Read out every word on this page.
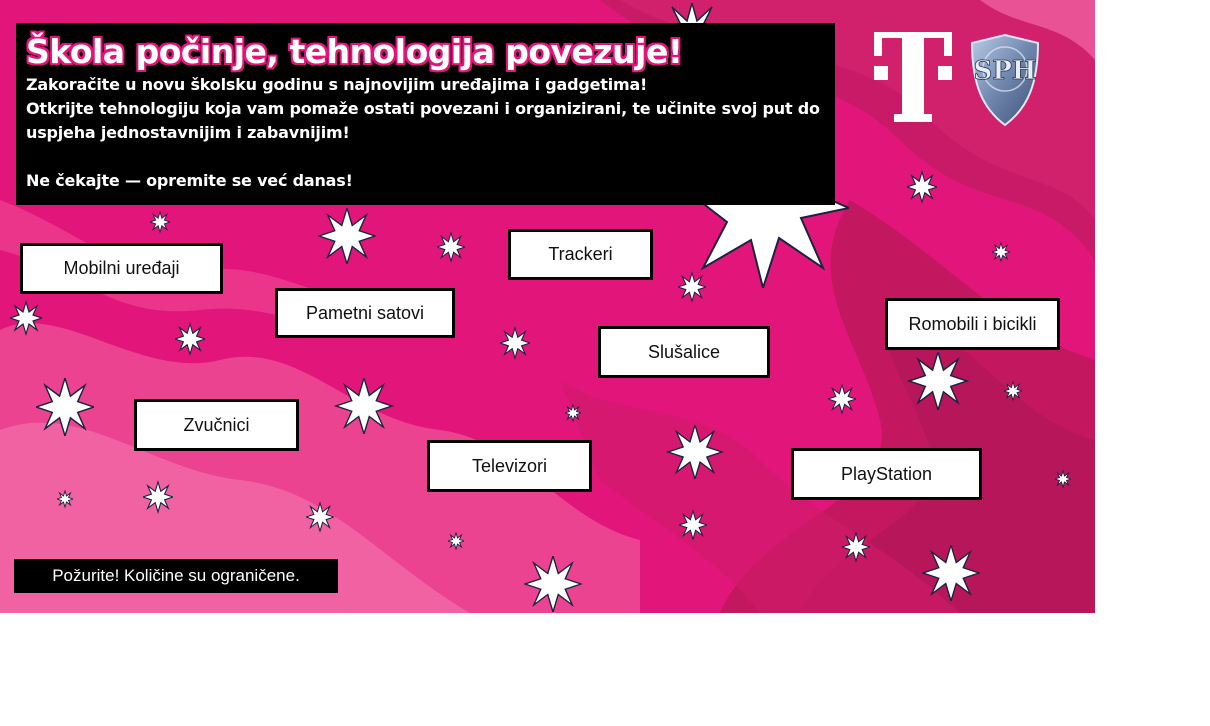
Škola počinje, tehnologija povezuje!

Zakoračite u novu školsku godinu s najnovijim uređajima i gadgetima!

Otkrijte tehnologiju koja vam pomaže ostati povezani i organizirani, te učinite svoj put do

uspjeha jednostavnijim i zabavnijim!

Ne čekajte — opremite se već danas!

SPH
Mobilni uređaji
Pametni satovi
Trackeri
Slušalice
Romobili i bicikli
Zvučnici
Televizori	PlayStation
Požurite! Količine su ograničene.
